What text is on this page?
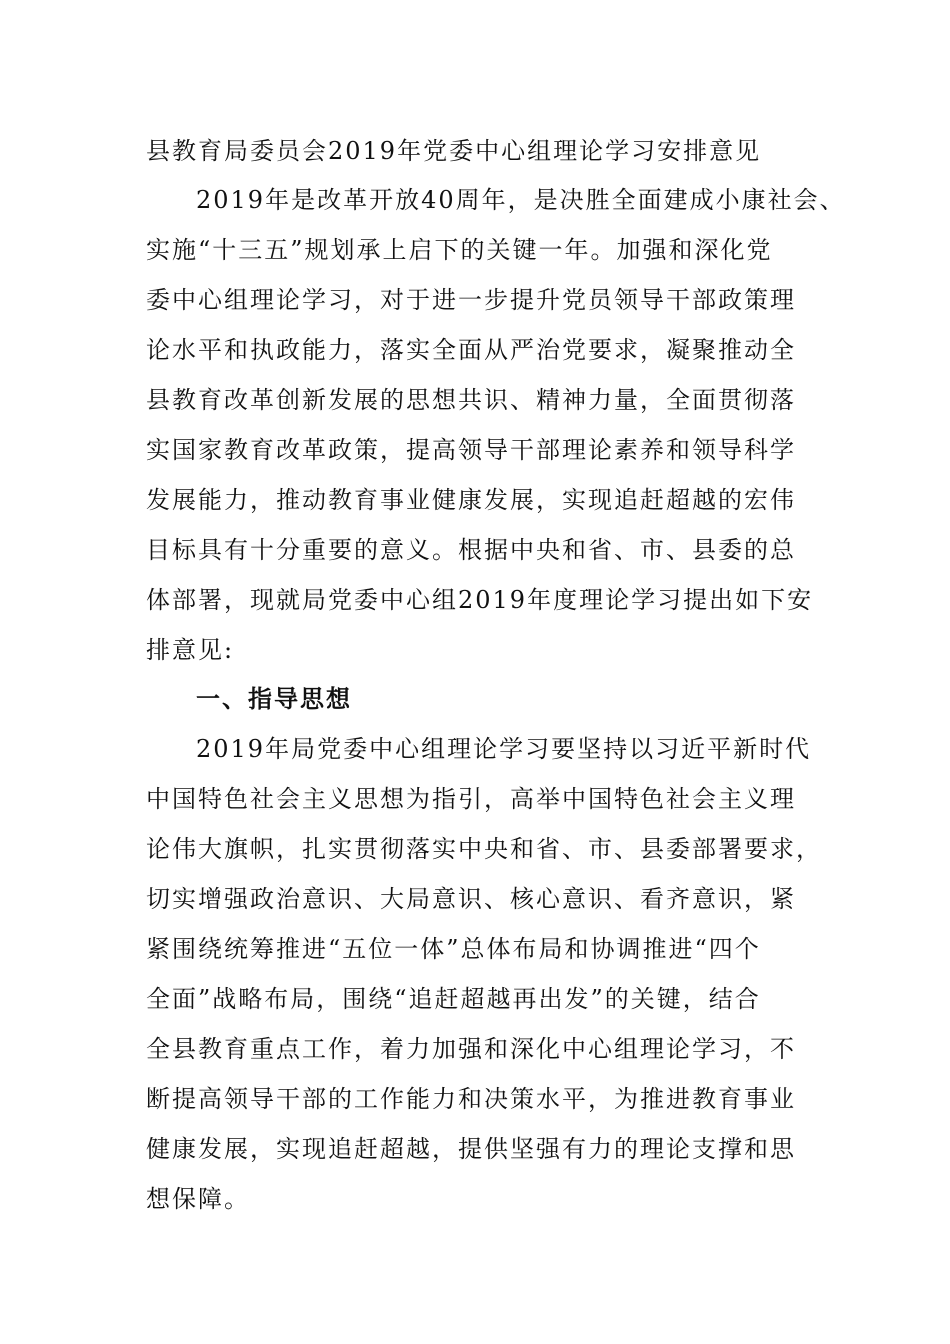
县教育局委员会2019年党委中心组理论学习安排意见

2019年是改革开放40周年，是决胜全面建成小康社会、

实施“十三五”规划承上启下的关键一年。加强和深化党

委中心组理论学习，对于进一步提升党员领导干部政策理

论水平和执政能力，落实全面从严治党要求，凝聚推动全

县教育改革创新发展的思想共识、精神力量，全面贯彻落

实国家教育改革政策，提高领导干部理论素养和领导科学

发展能力，推动教育事业健康发展，实现追赶超越的宏伟

目标具有十分重要的意义。根据中央和省、市、县委的总

体部署，现就局党委中心组2019年度理论学习提出如下安

排意见:

一、指导思想

2019年局党委中心组理论学习要坚持以习近平新时代

中国特色社会主义思想为指引，高举中国特色社会主义理

论伟大旗帜，扎实贯彻落实中央和省、市、县委部署要求，

切实增强政治意识、大局意识、核心意识、看齐意识，紧

紧围绕统筹推进“五位一体”总体布局和协调推进“四个

全面”战略布局，围绕“追赶超越再出发”的关键，结合

全县教育重点工作，着力加强和深化中心组理论学习，不

断提高领导干部的工作能力和决策水平，为推进教育事业

健康发展，实现追赶超越，提供坚强有力的理论支撑和思

想保障。
